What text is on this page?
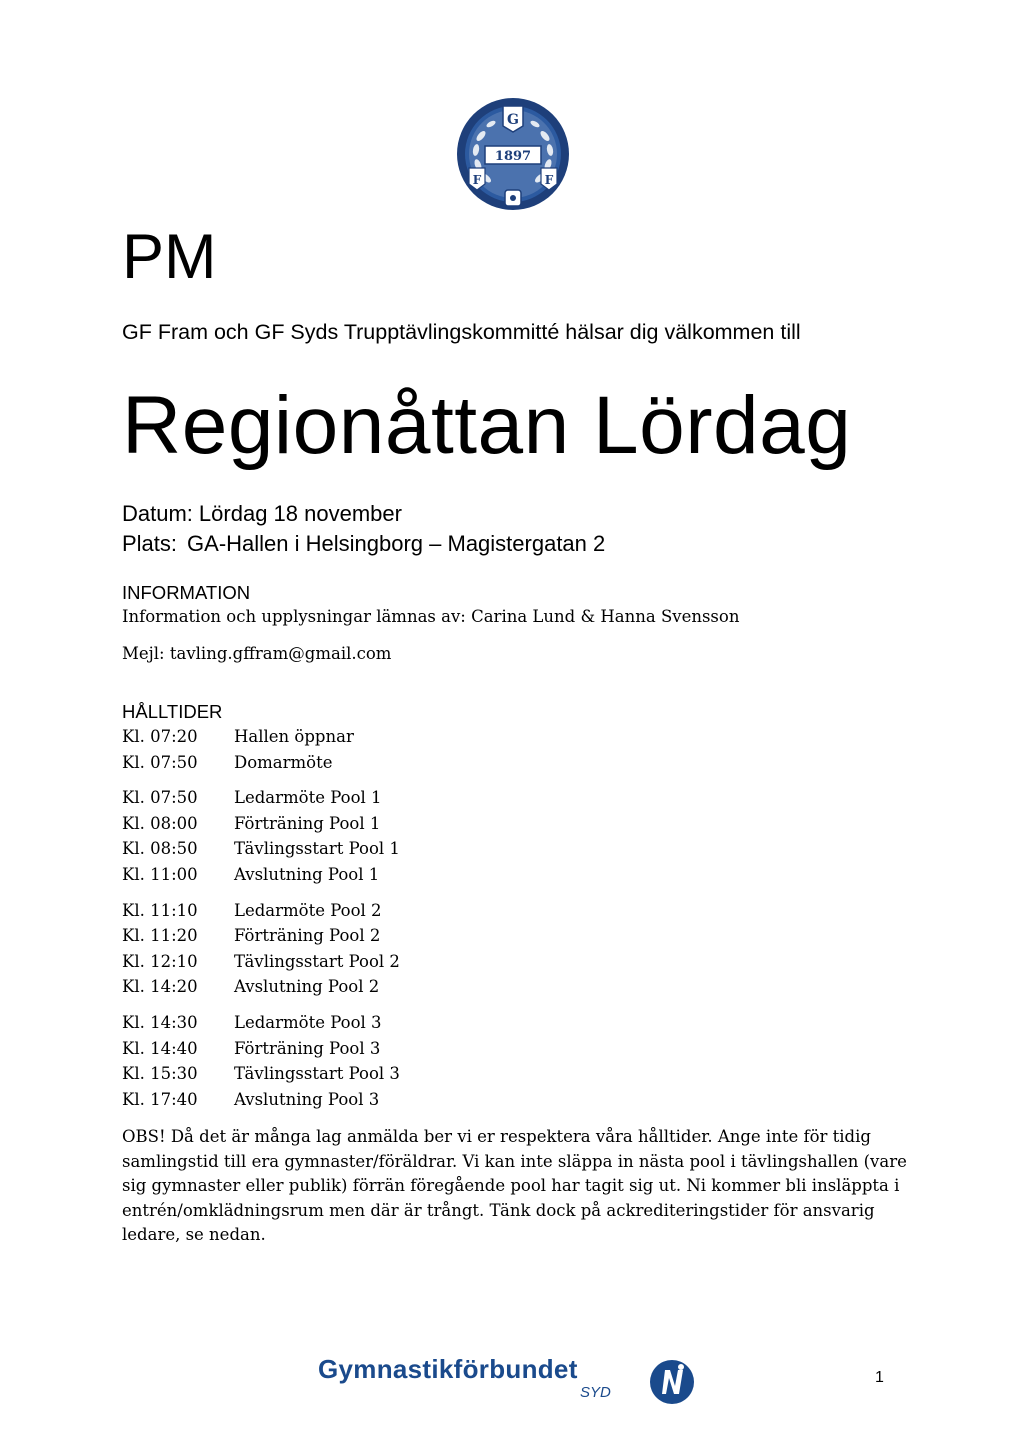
G
1897
F	F
PM

GF Fram och GF Syds Trupptävlingskommitté hälsar dig välkommen till

Regionåttan Lördag

Datum: Lördag 18 november

Plats: GA-Hallen i Helsingborg – Magistergatan 2

INFORMATION

Information och upplysningar lämnas av: Carina Lund & Hanna Svensson

Mejl: tavling.gffram@gmail.com

HÅLLTIDER
Kl. 07:20	Hallen öppnar
Kl. 07:50	Domarmöte
Kl. 07:50	Ledarmöte Pool 1
Kl. 08:00	Förträning Pool 1
Kl. 08:50	Tävlingsstart Pool 1
Kl. 11:00	Avslutning Pool 1
Kl. 11:10	Ledarmöte Pool 2
Kl. 11:20	Förträning Pool 2
Kl. 12:10	Tävlingsstart Pool 2
Kl. 14:20	Avslutning Pool 2
Kl. 14:30	Ledarmöte Pool 3
Kl. 14:40	Förträning Pool 3
Kl. 15:30	Tävlingsstart Pool 3
Kl. 17:40	Avslutning Pool 3

OBS! Då det är många lag anmälda ber vi er respektera våra hålltider. Ange inte för tidig samlingstid till era gymnaster/föräldrar. Vi kan inte släppa in nästa pool i tävlingshallen (vare sig gymnaster eller publik) förrän föregående pool har tagit sig ut. Ni kommer bli insläppta i entrén/omklädningsrum men där är trångt. Tänk dock på ackrediteringstider för ansvarig ledare, se nedan.

Gymnastikförbundet
SYD
1
